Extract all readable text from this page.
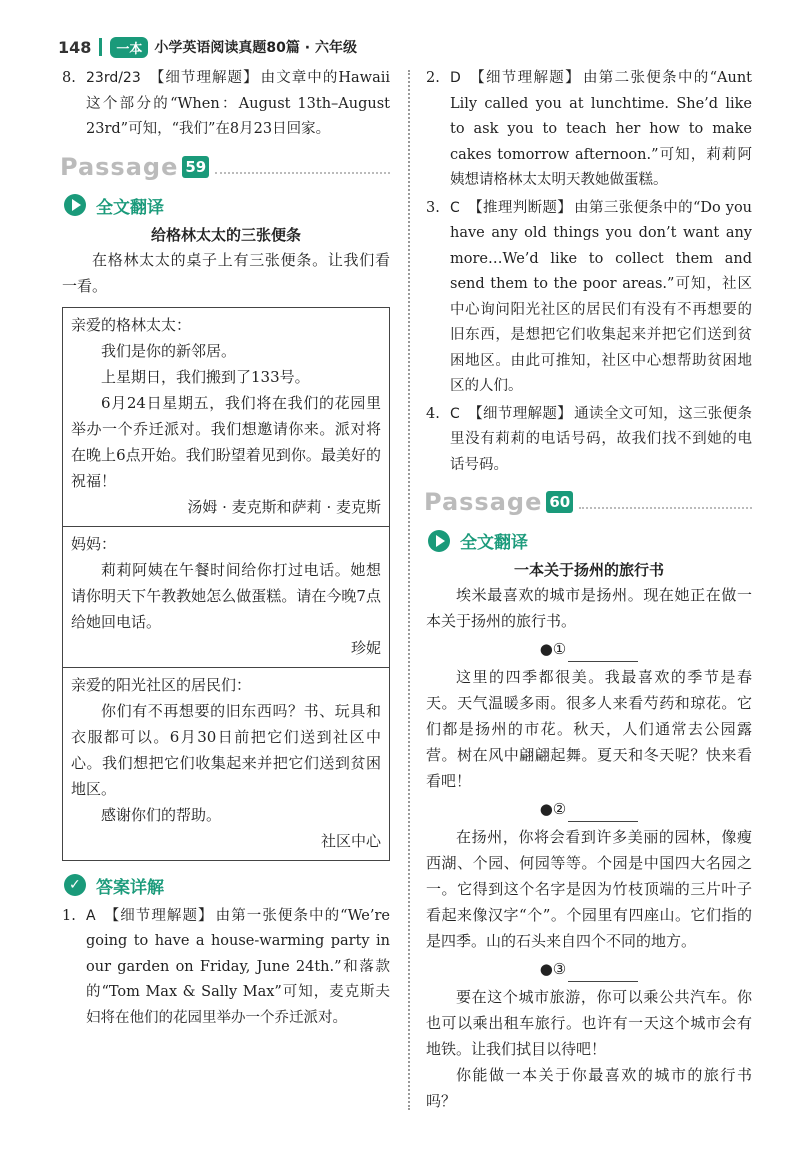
148	一本 小学英语阅读真题80篇 · 六年级
8. 23rd/23 【细节理解题】 由文章中的Hawaii这个部分的“When：August 13th–August 23rd”可知，“我们”在8月23日回家。
Passage 59
全文翻译
给格林太太的三张便条

在格林太太的桌子上有三张便条。让我们看一看。

亲爱的格林太太：

我们是你的新邻居。

上星期日，我们搬到了133号。

6月24日星期五，我们将在我们的花园里举办一个乔迁派对。我们想邀请你来。派对将在晚上6点开始。我们盼望着见到你。最美好的祝福！

汤姆 · 麦克斯和萨莉 · 麦克斯

妈妈：

莉莉阿姨在午餐时间给你打过电话。她想请你明天下午教教她怎么做蛋糕。请在今晚7点给她回电话。

珍妮

亲爱的阳光社区的居民们：

你们有不再想要的旧东西吗？书、玩具和衣服都可以。6月30日前把它们送到社区中心。我们想把它们收集起来并把它们送到贫困地区。

感谢你们的帮助。

社区中心

✓ 答案详解
1. A 【细节理解题】 由第一张便条中的“We’re going to have a house-warming party in our garden on Friday, June 24th.”和落款的“Tom Max & Sally Max”可知，麦克斯夫妇将在他们的花园里举办一个乔迁派对。
2. D 【细节理解题】 由第二张便条中的“Aunt Lily called you at lunchtime. She’d like to ask you to teach her how to make cakes tomorrow afternoon.”可知，莉莉阿姨想请格林太太明天教她做蛋糕。
3. C 【推理判断题】 由第三张便条中的“Do you have any old things you don’t want any more…We’d like to collect them and send them to the poor areas.”可知，社区中心询问阳光社区的居民们有没有不再想要的旧东西，是想把它们收集起来并把它们送到贫困地区。由此可推知，社区中心想帮助贫困地区的人们。
4. C 【细节理解题】 通读全文可知，这三张便条里没有莉莉的电话号码，故我们找不到她的电话号码。
Passage 60
全文翻译
一本关于扬州的旅行书

埃米最喜欢的城市是扬州。现在她正在做一本关于扬州的旅行书。

●①

这里的四季都很美。我最喜欢的季节是春天。天气温暖多雨。很多人来看芍药和琼花。它们都是扬州的市花。秋天，人们通常去公园露营。树在风中翩翩起舞。夏天和冬天呢？快来看看吧！

●②

在扬州，你将会看到许多美丽的园林，像瘦西湖、个园、何园等等。个园是中国四大名园之一。它得到这个名字是因为竹枝顶端的三片叶子看起来像汉字“个”。个园里有四座山。它们指的是四季。山的石头来自四个不同的地方。

●③

要在这个城市旅游，你可以乘公共汽车。你也可以乘出租车旅行。也许有一天这个城市会有地铁。让我们拭目以待吧！

你能做一本关于你最喜欢的城市的旅行书吗？
